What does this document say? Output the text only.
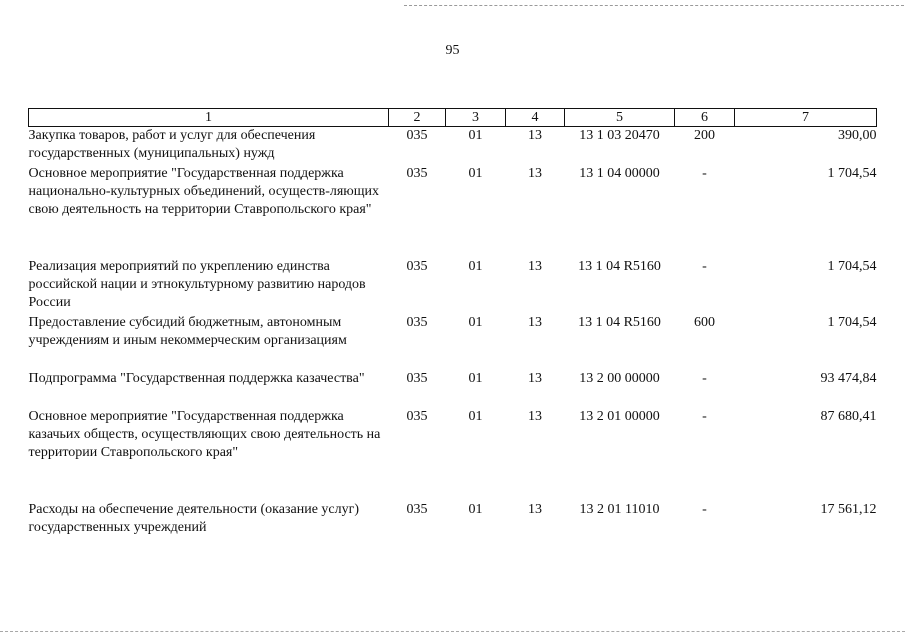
95
1	2	3	4	5	6	7
Закупка товаров, работ и услуг для обеспечения государственных (муниципальных) нужд	035	01	13	13 1 03 20470	200	390,00
Основное мероприятие "Государственная поддержка национально-культурных объединений, осуществ-ляющих свою деятельность на территории Ставропольского края"	035	01	13	13 1 04 00000	-	1 704,54
Реализация мероприятий по укреплению единства российской нации и этнокультурному развитию народов России	035	01	13	13 1 04 R5160	-	1 704,54
Предоставление субсидий бюджетным, автономным учреждениям и иным некоммерческим организациям	035	01	13	13 1 04 R5160	600	1 704,54
Подпрограмма "Государственная поддержка казачества"	035	01	13	13 2 00 00000	-	93 474,84
Основное мероприятие "Государственная поддержка казачьих обществ, осуществляющих свою деятельность на территории Ставропольского края"	035	01	13	13 2 01 00000	-	87 680,41
Расходы на обеспечение деятельности (оказание услуг) государственных учреждений	035	01	13	13 2 01 11010	-	17 561,12
